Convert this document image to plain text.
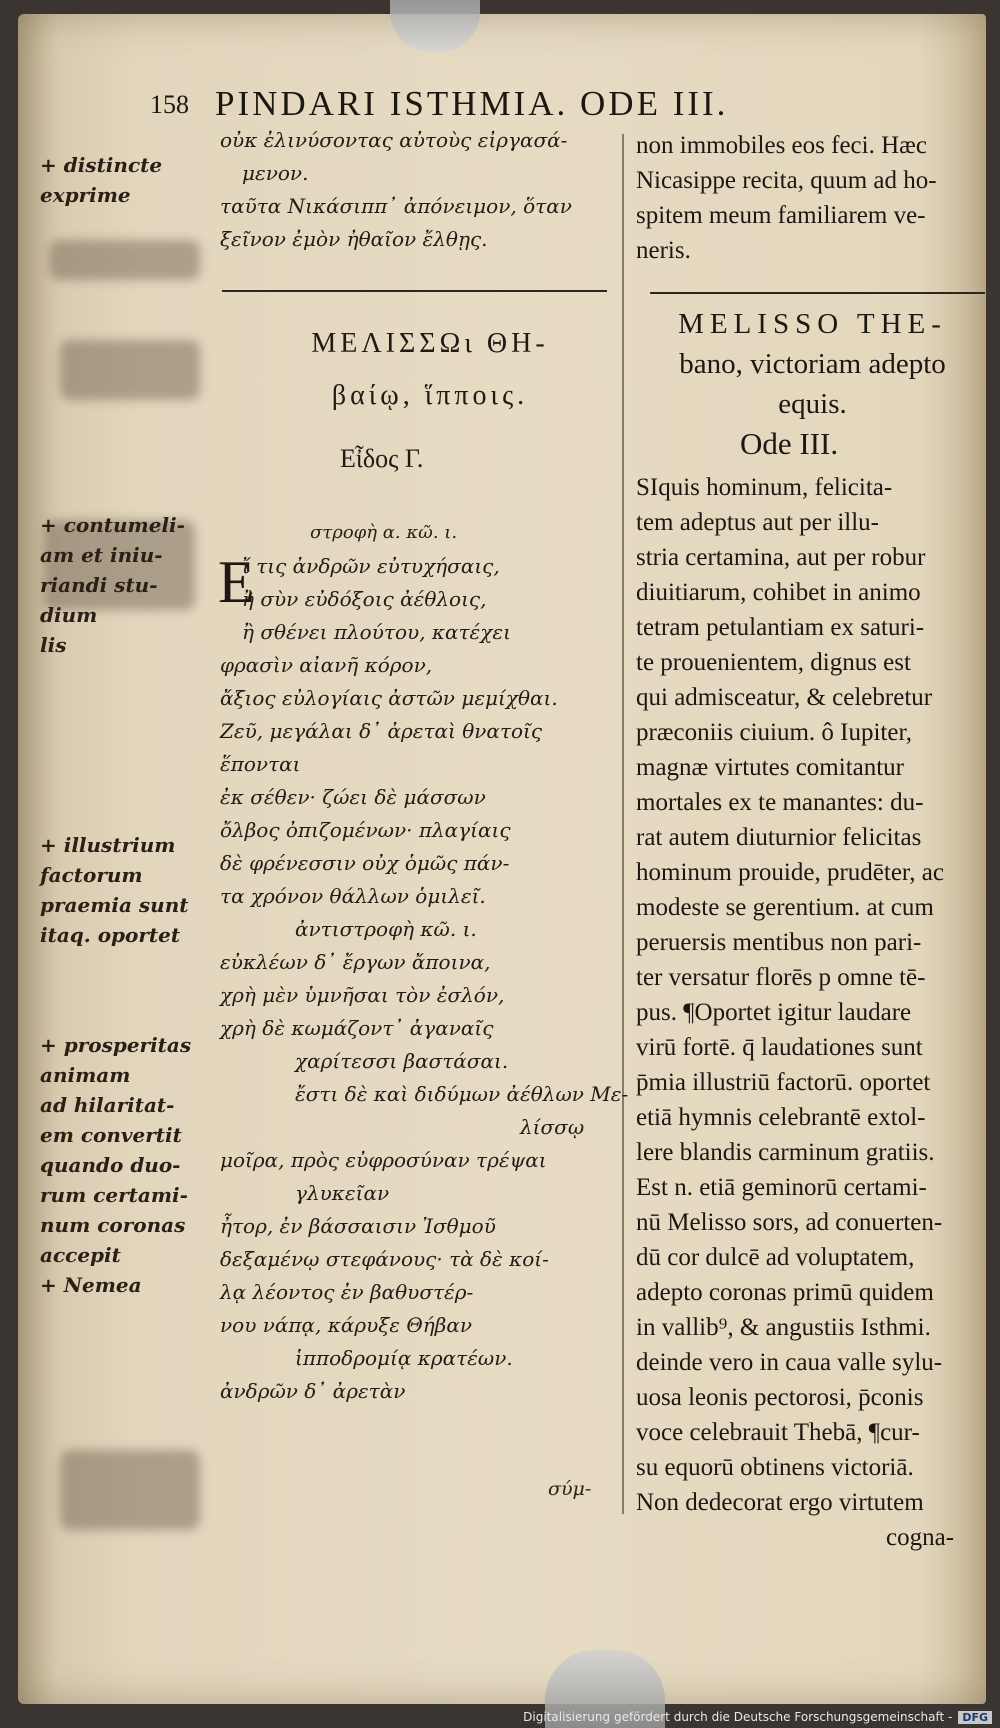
158 PINDARI ISTHMIA. ODE III.
οὐκ ἐλινύσοντας αὐτοὺς εἰργασά-
μενον.
ταῦτα Νικάσιππ᾽ ἀπόνειμον, ὅταν
ξεῖνον ἐμὸν ἠθαῖον ἔλθῃς.
ΜΕΛΙΣΣΩι ΘΗ-
βαίῳ, ἵπποις.
Εἶδος Γ.
στροφὴ α. κῶ. ι.
Ε
ἴ τις ἀνδρῶν εὐτυχήσαις,
ἢ σὺν εὐδόξοις ἀέθλοις,
ἢ σθένει πλούτου, κατέχει
φρασὶν αἰανῆ κόρον,
ἄξιος εὐλογίαις ἀστῶν μεμίχθαι.
Ζεῦ, μεγάλαι δ᾽ ἀρεταὶ θνατοῖς
ἕπονται
ἐκ σέθεν· ζώει δὲ μάσσων
ὄλβος ὀπιζομένων· πλαγίαις
δὲ φρένεσσιν οὐχ ὁμῶς πάν-
τα χρόνον θάλλων ὁμιλεῖ.
ἀντιστροφὴ κῶ. ι.
εὐκλέων δ᾽ ἔργων ἄποινα,
χρὴ μὲν ὑμνῆσαι τὸν ἐσλόν,
χρὴ δὲ κωμάζοντ᾽ ἀγαναῖς
χαρίτεσσι βαστάσαι.
ἔστι δὲ καὶ διδύμων ἀέθλων Με-
λίσσῳ
μοῖρα, πρὸς εὐφροσύναν τρέψαι
γλυκεῖαν
ἦτορ, ἐν βάσσαισιν Ἰσθμοῦ
δεξαμένῳ στεφάνους· τὰ δὲ κοί-
λᾳ λέοντος ἐν βαθυστέρ-
νου νάπᾳ, κάρυξε Θήβαν
ἱπποδρομίᾳ κρατέων.
ἀνδρῶν δ᾽ ἀρετὰν
σύμ-
non immobiles eos feci. Hæc
Nicasippe recita, quum ad ho-
spitem meum familiarem ve-
neris.
MELISSO THE-
bano, victoriam adepto
equis.
Ode III.
SIquis hominum, felicita-
tem adeptus aut per illu-
stria certamina, aut per robur
diuitiarum, cohibet in animo
tetram petulantiam ex saturi-
te prouenientem, dignus est
qui admisceatur, & celebretur
præconiis ciuium. ô Iupiter,
magnæ virtutes comitantur
mortales ex te manantes: du-
rat autem diuturnior felicitas
hominum prouide, prudēter, ac
modeste se gerentium. at cum
peruersis mentibus non pari-
ter versatur florēs p omne tē-
pus. ¶Oportet igitur laudare
virū fortē. q̄ laudationes sunt
p̄mia illustriū factorū. oportet
etiā hymnis celebrantē extol-
lere blandis carminum gratiis.
Est n. etiā geminorū certami-
nū Melisso sors, ad conuerten-
dū cor dulcē ad voluptatem,
adepto coronas primū quidem
in vallib⁹, & angustiis Isthmi.
deinde vero in caua valle sylu-
uosa leonis pectorosi, p̄conis
voce celebrauit Thebā, ¶cur-
su equorū obtinens victoriā.
Non dedecorat ergo virtutem
cogna-
+ distincte
exprime
+ contumeli-
am et iniu-
riandi stu-
dium
lis
+ illustrium
factorum
praemia sunt
itaq. oportet
+ prosperitas
animam
ad hilaritat-
em convertit
quando duo-
rum certami-
num coronas
accepit
+ Nemea
Digitalisierung gefördert durch die Deutsche Forschungsgemeinschaft - DFG
